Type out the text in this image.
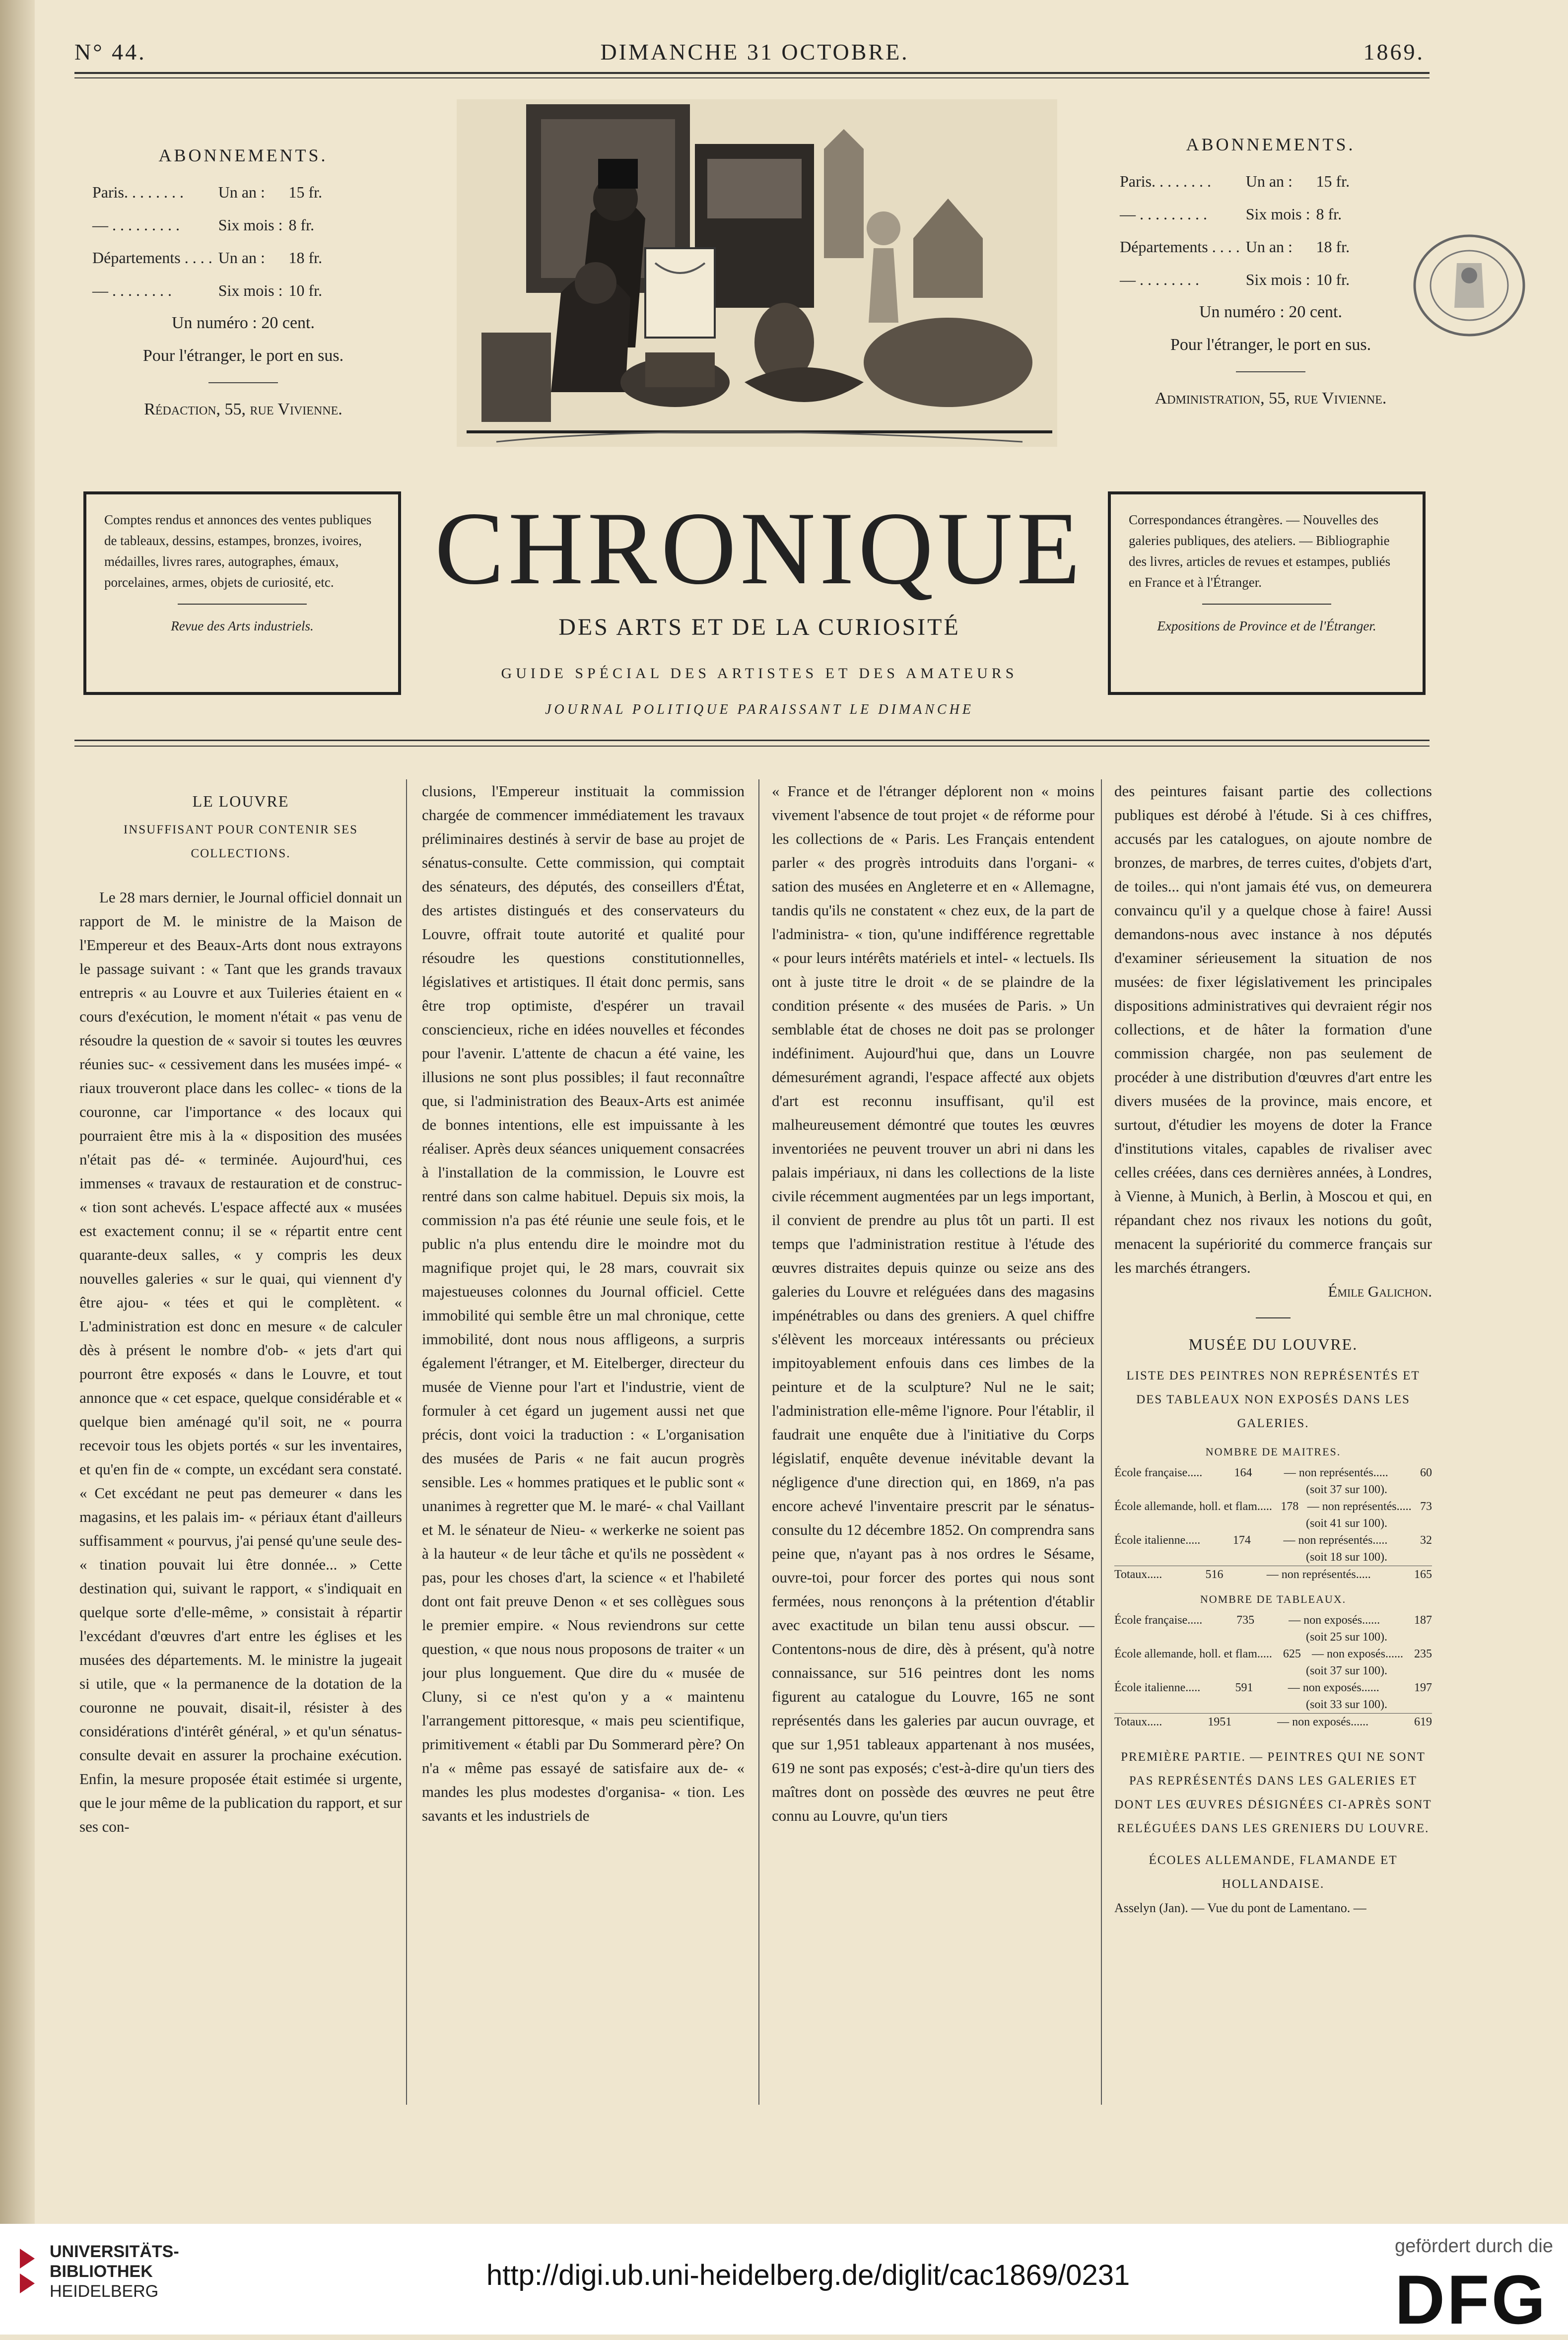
N° 44.	DIMANCHE 31 OCTOBRE.	1869.
ABONNEMENTS.
Paris. . . . . . . .	Un an :	15 fr.
— . . . . . . . . .	Six mois :	8 fr.
Départements . . . .	Un an :	18 fr.
— . . . . . . . .	Six mois :	10 fr.
Un numéro : 20 cent.
Pour l'étranger, le port en sus.
Rédaction, 55, rue Vivienne.
ABONNEMENTS.
Paris. . . . . . . .	Un an :	15 fr.
— . . . . . . . . .	Six mois :	8 fr.
Départements . . . .	Un an :	18 fr.
— . . . . . . . .	Six mois :	10 fr.
Un numéro : 20 cent.
Pour l'étranger, le port en sus.
Administration, 55, rue Vivienne.
Comptes rendus et annonces des ventes publiques de tableaux, dessins, estampes, bronzes, ivoires, médailles, livres rares, autographes, émaux, porcelaines, armes, objets de curiosité, etc.
Revue des Arts industriels.
Correspondances étrangères. — Nouvelles des galeries publiques, des ateliers. — Bibliographie des livres, articles de revues et estampes, publiés en France et à l'Étranger.
Expositions de Province et de l'Étranger.
CHRONIQUE
DES ARTS ET DE LA CURIOSITÉ
GUIDE SPÉCIAL DES ARTISTES ET DES AMATEURS
JOURNAL POLITIQUE PARAISSANT LE DIMANCHE
LE LOUVRE
INSUFFISANT POUR CONTENIR SES COLLECTIONS.

Le 28 mars dernier, le Journal officiel donnait un rapport de M. le ministre de la Maison de l'Empereur et des Beaux-Arts dont nous extrayons le passage suivant : « Tant que les grands travaux entrepris « au Louvre et aux Tuileries étaient en « cours d'exécution, le moment n'était « pas venu de résoudre la question de « savoir si toutes les œuvres réunies suc- « cessivement dans les musées impé- « riaux trouveront place dans les collec- « tions de la couronne, car l'importance « des locaux qui pourraient être mis à la « disposition des musées n'était pas dé- « terminée. Aujourd'hui, ces immenses « travaux de restauration et de construc- « tion sont achevés. L'espace affecté aux « musées est exactement connu; il se « répartit entre cent quarante-deux salles, « y compris les deux nouvelles galeries « sur le quai, qui viennent d'y être ajou- « tées et qui le complètent. « L'administration est donc en mesure « de calculer dès à présent le nombre d'ob- « jets d'art qui pourront être exposés « dans le Louvre, et tout annonce que « cet espace, quelque considérable et « quelque bien aménagé qu'il soit, ne « pourra recevoir tous les objets portés « sur les inventaires, et qu'en fin de « compte, un excédant sera constaté. « Cet excédant ne peut pas demeurer « dans les magasins, et les palais im- « périaux étant d'ailleurs suffisamment « pourvus, j'ai pensé qu'une seule des- « tination pouvait lui être donnée... » Cette destination qui, suivant le rapport, « s'indiquait en quelque sorte d'elle-même, » consistait à répartir l'excédant d'œuvres d'art entre les églises et les musées des départements. M. le ministre la jugeait si utile, que « la permanence de la dotation de la couronne ne pouvait, disait-il, résister à des considérations d'intérêt général, » et qu'un sénatus-consulte devait en assurer la prochaine exécution. Enfin, la mesure proposée était estimée si urgente, que le jour même de la publication du rapport, et sur ses con-

clusions, l'Empereur instituait la commission chargée de commencer immédiatement les travaux préliminaires destinés à servir de base au projet de sénatus-consulte. Cette commission, qui comptait des sénateurs, des députés, des conseillers d'État, des artistes distingués et des conservateurs du Louvre, offrait toute autorité et qualité pour résoudre les questions constitutionnelles, législatives et artistiques. Il était donc permis, sans être trop optimiste, d'espérer un travail consciencieux, riche en idées nouvelles et fécondes pour l'avenir. L'attente de chacun a été vaine, les illusions ne sont plus possibles; il faut reconnaître que, si l'administration des Beaux-Arts est animée de bonnes intentions, elle est impuissante à les réaliser. Après deux séances uniquement consacrées à l'installation de la commission, le Louvre est rentré dans son calme habituel. Depuis six mois, la commission n'a pas été réunie une seule fois, et le public n'a plus entendu dire le moindre mot du magnifique projet qui, le 28 mars, couvrait six majestueuses colonnes du Journal officiel. Cette immobilité qui semble être un mal chronique, cette immobilité, dont nous nous affligeons, a surpris également l'étranger, et M. Eitelberger, directeur du musée de Vienne pour l'art et l'industrie, vient de formuler à cet égard un jugement aussi net que précis, dont voici la traduction : « L'organisation des musées de Paris « ne fait aucun progrès sensible. Les « hommes pratiques et le public sont « unanimes à regretter que M. le maré- « chal Vaillant et M. le sénateur de Nieu- « werkerke ne soient pas à la hauteur « de leur tâche et qu'ils ne possèdent « pas, pour les choses d'art, la science « et l'habileté dont ont fait preuve Denon « et ses collègues sous le premier empire. « Nous reviendrons sur cette question, « que nous nous proposons de traiter « un jour plus longuement. Que dire du « musée de Cluny, si ce n'est qu'on y a « maintenu l'arrangement pittoresque, « mais peu scientifique, primitivement « établi par Du Sommerard père? On n'a « même pas essayé de satisfaire aux de- « mandes les plus modestes d'organisa- « tion. Les savants et les industriels de

« France et de l'étranger déplorent non « moins vivement l'absence de tout projet « de réforme pour les collections de « Paris. Les Français entendent parler « des progrès introduits dans l'organi- « sation des musées en Angleterre et en « Allemagne, tandis qu'ils ne constatent « chez eux, de la part de l'administra- « tion, qu'une indifférence regrettable « pour leurs intérêts matériels et intel- « lectuels. Ils ont à juste titre le droit « de se plaindre de la condition présente « des musées de Paris. » Un semblable état de choses ne doit pas se prolonger indéfiniment. Aujourd'hui que, dans un Louvre démesurément agrandi, l'espace affecté aux objets d'art est reconnu insuffisant, qu'il est malheureusement démontré que toutes les œuvres inventoriées ne peuvent trouver un abri ni dans les palais impériaux, ni dans les collections de la liste civile récemment augmentées par un legs important, il convient de prendre au plus tôt un parti. Il est temps que l'administration restitue à l'étude des œuvres distraites depuis quinze ou seize ans des galeries du Louvre et reléguées dans des magasins impénétrables ou dans des greniers. A quel chiffre s'élèvent les morceaux intéressants ou précieux impitoyablement enfouis dans ces limbes de la peinture et de la sculpture? Nul ne le sait; l'administration elle-même l'ignore. Pour l'établir, il faudrait une enquête due à l'initiative du Corps législatif, enquête devenue inévitable devant la négligence d'une direction qui, en 1869, n'a pas encore achevé l'inventaire prescrit par le sénatus-consulte du 12 décembre 1852. On comprendra sans peine que, n'ayant pas à nos ordres le Sésame, ouvre-toi, pour forcer des portes qui nous sont fermées, nous renonçons à la prétention d'établir avec exactitude un bilan tenu aussi obscur. — Contentons-nous de dire, dès à présent, qu'à notre connaissance, sur 516 peintres dont les noms figurent au catalogue du Louvre, 165 ne sont représentés dans les galeries par aucun ouvrage, et que sur 1,951 tableaux appartenant à nos musées, 619 ne sont pas exposés; c'est-à-dire qu'un tiers des maîtres dont on possède des œuvres ne peut être connu au Louvre, qu'un tiers

des peintures faisant partie des collections publiques est dérobé à l'étude. Si à ces chiffres, accusés par les catalogues, on ajoute nombre de bronzes, de marbres, de terres cuites, d'objets d'art, de toiles... qui n'ont jamais été vus, on demeurera convaincu qu'il y a quelque chose à faire! Aussi demandons-nous avec instance à nos députés d'examiner sérieusement la situation de nos musées: de fixer législativement les principales dispositions administratives qui devraient régir nos collections, et de hâter la formation d'une commission chargée, non pas seulement de procéder à une distribution d'œuvres d'art entre les divers musées de la province, mais encore, et surtout, d'étudier les moyens de doter la France d'institutions vitales, capables de rivaliser avec celles créées, dans ces dernières années, à Londres, à Vienne, à Munich, à Berlin, à Moscou et qui, en répandant chez nos rivaux les notions du goût, menacent la supériorité du commerce français sur les marchés étrangers.

Émile Galichon.
MUSÉE DU LOUVRE.
LISTE DES PEINTRES NON REPRÉSENTÉS ET DES TABLEAUX NON EXPOSÉS DANS LES GALERIES.
NOMBRE DE MAITRES.
École française.....	164	— non représentés.....	60
(soit 37 sur 100).
École allemande, holl. et flam..... 178 — non représentés..... 73
(soit 41 sur 100).
École italienne.....	174	— non représentés.....	32
(soit 18 sur 100).
Totaux.....	516	— non représentés.....	165
NOMBRE DE TABLEAUX.
École française.....	735	— non exposés......	187
(soit 25 sur 100).
École allemande, holl. et flam..... 625 — non exposés...... 235
(soit 37 sur 100).
École italienne.....	591	— non exposés......	197
(soit 33 sur 100).
Totaux.....	1951	— non exposés......	619
PREMIÈRE PARTIE. — PEINTRES QUI NE SONT PAS REPRÉSENTÉS DANS LES GALERIES ET DONT LES ŒUVRES DÉSIGNÉES CI-APRÈS SONT RELÉGUÉES DANS LES GRENIERS DU LOUVRE.
ÉCOLES ALLEMANDE, FLAMANDE ET HOLLANDAISE.
Asselyn (Jan). — Vue du pont de Lamentano. —
UNIVERSITÄTS-
BIBLIOTHEK
HEIDELBERG	http://digi.ub.uni-heidelberg.de/diglit/cac1869/0231
gefördert durch die
DFG
